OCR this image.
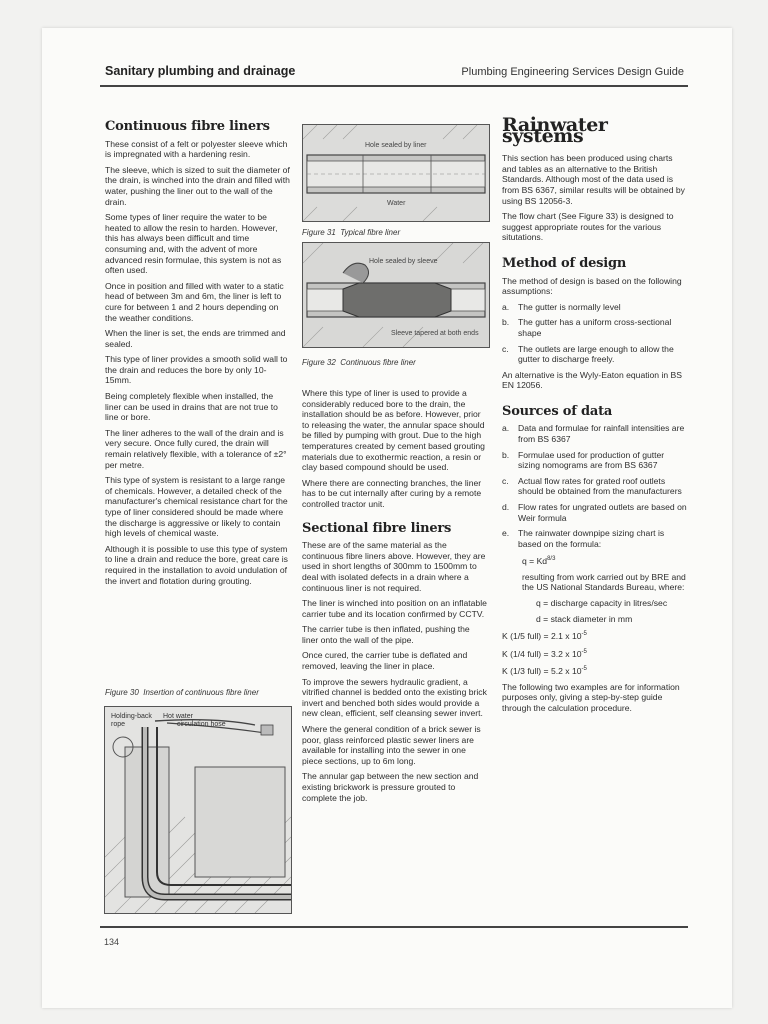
Sanitary plumbing and drainage	Plumbing Engineering Services Design Guide
Continuous fibre liners

These consist of a felt or polyester sleeve which is impregnated with a hardening resin.

The sleeve, which is sized to suit the diameter of the drain, is winched into the drain and filled with water, pushing the liner out to the wall of the drain.

Some types of liner require the water to be heated to allow the resin to harden. However, this has always been difficult and time consuming and, with the advent of more advanced resin formulae, this system is not as often used.

Once in position and filled with water to a static head of between 3m and 6m, the liner is left to cure for between 1 and 2 hours depending on the weather conditions.

When the liner is set, the ends are trimmed and sealed.

This type of liner provides a smooth solid wall to the drain and reduces the bore by only 10-15mm.

Being completely flexible when installed, the liner can be used in drains that are not true to line or bore.

The liner adheres to the wall of the drain and is very secure. Once fully cured, the drain will remain relatively flexible, with a tolerance of ±2° per metre.

This type of system is resistant to a large range of chemicals. However, a detailed check of the manufacturer's chemical resistance chart for the type of liner considered should be made where the discharge is aggressive or likely to contain high levels of chemical waste.

Although it is possible to use this type of system to line a drain and reduce the bore, great care is required in the installation to avoid undulation of the invert and flotation during grouting.

Figure 30 Insertion of continuous fibre liner
Holding-back
rope
Hot water
circulation hose
Hole sealed by liner
Water
Figure 31 Typical fibre liner
Hole sealed by sleeve
Sleeve tapered at both ends
Figure 32 Continuous fibre liner

Where this type of liner is used to provide a considerably reduced bore to the drain, the installation should be as before. However, prior to releasing the water, the annular space should be filled by pumping with grout. Due to the high temperatures created by cement based grouting materials due to exothermic reaction, a resin or clay based compound should be used.

Where there are connecting branches, the liner has to be cut internally after curing by a remote controlled tractor unit.

Sectional fibre liners

These are of the same material as the continuous fibre liners above. However, they are used in short lengths of 300mm to 1500mm to deal with isolated defects in a drain where a continuous liner is not required.

The liner is winched into position on an inflatable carrier tube and its location confirmed by CCTV.

The carrier tube is then inflated, pushing the liner onto the wall of the pipe.

Once cured, the carrier tube is deflated and removed, leaving the liner in place.

To improve the sewers hydraulic gradient, a vitrified channel is bedded onto the existing brick invert and benched both sides would provide a new clean, efficient, self cleansing sewer invert.

Where the general condition of a brick sewer is poor, glass reinforced plastic sewer liners are available for installing into the sewer in one piece sections, up to 6m long.

The annular gap between the new section and existing brickwork is pressure grouted to complete the job.

Rainwater systems

This section has been produced using charts and tables as an alternative to the British Standards. Although most of the data used is from BS 6367, similar results will be obtained by using BS 12056-3.

The flow chart (See Figure 33) is designed to suggest appropriate routes for the various situtations.

Method of design

The method of design is based on the following assumptions:

a.	The gutter is normally level
b.	The gutter has a uniform cross-sectional shape
c.	The outlets are large enough to allow the gutter to discharge freely.

An alternative is the Wyly-Eaton equation in BS EN 12056.

Sources of data
a.	Data and formulae for rainfall intensities are from BS 6367
b.	Formulae used for production of gutter sizing nomograms are from BS 6367
c.	Actual flow rates for grated roof outlets should be obtained from the manufacturers
d.	Flow rates for ungrated outlets are based on Weir formula
e.	The rainwater downpipe sizing chart is based on the formula:

$q = Kd^{8/3}$

resulting from work carried out by BRE and the US National Standards Bureau, where:

q = discharge capacity in litres/sec

d = stack diameter in mm

K (1/5 full) = 2.1 x $10^{-5}$

K (1/4 full) = 3.2 x $10^{-5}$

K (1/3 full) = 5.2 x $10^{-5}$

The following two examples are for information purposes only, giving a step-by-step guide through the calculation procedure.

134
